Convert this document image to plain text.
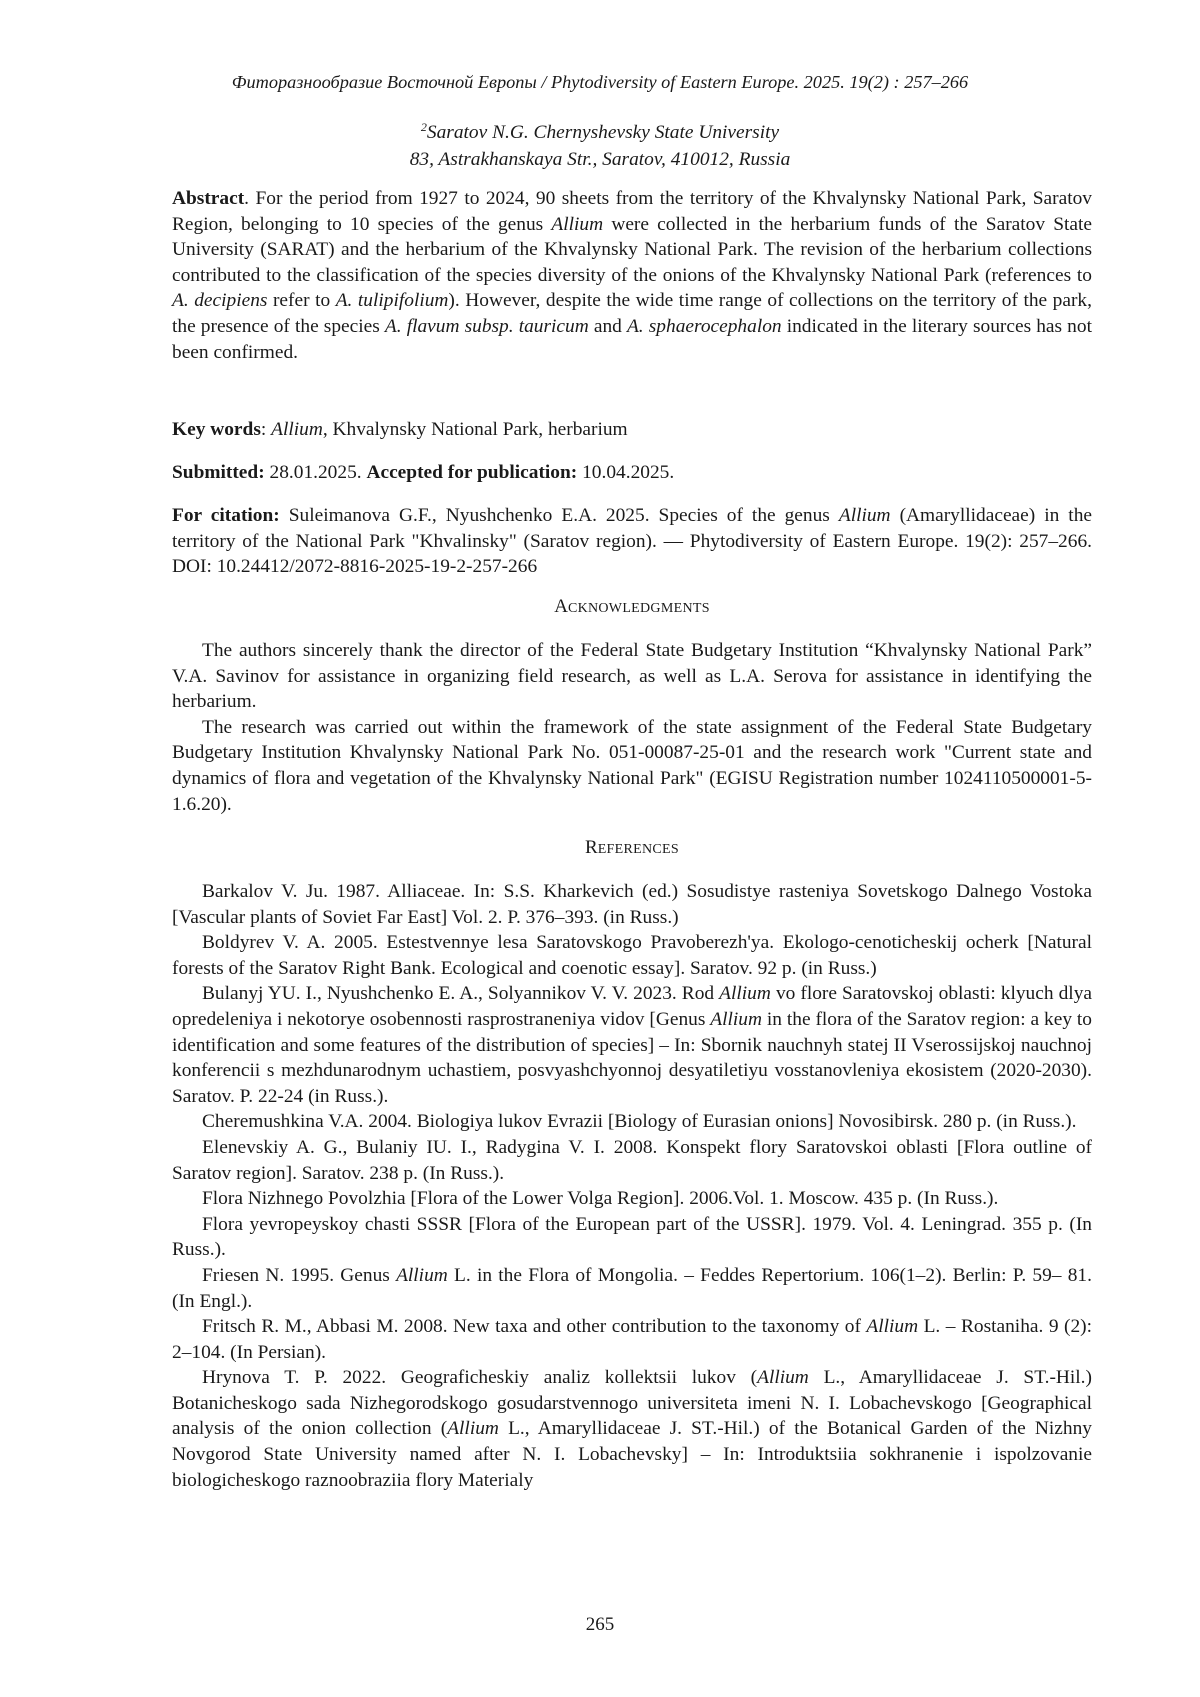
Фиторазнообразие Восточной Европы / Phytodiversity of Eastern Europe. 2025. 19(2) : 257–266
2Saratov N.G. Chernyshevsky State University
83, Astrakhanskaya Str., Saratov, 410012, Russia

Abstract. For the period from 1927 to 2024, 90 sheets from the territory of the Khvalynsky National Park, Saratov Region, belonging to 10 species of the genus Allium were collected in the herbarium funds of the Saratov State University (SARAT) and the herbarium of the Khvalynsky National Park. The revision of the herbarium collections contributed to the classification of the species diversity of the onions of the Khvalynsky National Park (references to A. decipiens refer to A. tulipifolium). However, despite the wide time range of collections on the territory of the park, the presence of the species A. flavum subsp. tauricum and A. sphaerocephalon indicated in the literary sources has not been confirmed.

Key words: Allium, Khvalynsky National Park, herbarium

Submitted: 28.01.2025. Accepted for publication: 10.04.2025.

For citation: Suleimanova G.F., Nyushchenko E.A. 2025. Species of the genus Allium (Amaryllidaceae) in the territory of the National Park "Khvalinsky" (Saratov region). — Phytodiversity of Eastern Europe. 19(2): 257–266. DOI: 10.24412/2072-8816-2025-19-2-257-266

ACKNOWLEDGMENTS

The authors sincerely thank the director of the Federal State Budgetary Institution “Khvalynsky National Park” V.A. Savinov for assistance in organizing field research, as well as L.A. Serova for assistance in identifying the herbarium.

The research was carried out within the framework of the state assignment of the Federal State Budgetary Budgetary Institution Khvalynsky National Park No. 051-00087-25-01 and the research work "Current state and dynamics of flora and vegetation of the Khvalynsky National Park" (EGISU Registration number 1024110500001-5-1.6.20).

REFERENCES

Barkalov V. Ju. 1987. Alliaceae. In: S.S. Kharkevich (ed.) Sosudistye rasteniya Sovetskogo Dalnego Vostoka [Vascular plants of Soviet Far East] Vol. 2. P. 376–393. (in Russ.)

Boldyrev V. A. 2005. Estestvennye lesa Saratovskogo Pravoberezh'ya. Ekologo-cenoticheskij ocherk [Natural forests of the Saratov Right Bank. Ecological and coenotic essay]. Saratov. 92 p. (in Russ.)

Bulanyj YU. I., Nyushchenko E. A., Solyannikov V. V. 2023. Rod Allium vo flore Saratovskoj oblasti: klyuch dlya opredeleniya i nekotorye osobennosti rasprostraneniya vidov [Genus Allium in the flora of the Saratov region: a key to identification and some features of the distribution of species] – In: Sbornik nauchnyh statej II Vserossijskoj nauchnoj konferencii s mezhdunarodnym uchastiem, posvyashchyonnoj desyatiletiyu vosstanovleniya ekosistem (2020-2030). Saratov. P. 22-24 (in Russ.).

Cheremushkina V.A. 2004. Biologiya lukov Evrazii [Biology of Eurasian onions] Novosibirsk. 280 p. (in Russ.).

Elenevskiy A. G., Bulaniy IU. I., Radygina V. I. 2008. Konspekt flory Saratovskoi oblasti [Flora outline of Saratov region]. Saratov. 238 p. (In Russ.).

Flora Nizhnego Povolzhia [Flora of the Lower Volga Region]. 2006.Vol. 1. Moscow. 435 p. (In Russ.).

Flora yevropeyskoy chasti SSSR [Flora of the European part of the USSR]. 1979. Vol. 4. Leningrad. 355 p. (In Russ.).

Friesen N. 1995. Genus Allium L. in the Flora of Mongolia. – Feddes Repertorium. 106(1–2). Berlin: P. 59– 81. (In Engl.).

Fritsch R. M., Abbasi M. 2008. New taxa and other contribution to the taxonomy of Allium L. – Rostaniha. 9 (2): 2–104. (In Persian).

Hrynova T. P. 2022. Geograficheskiy analiz kollektsii lukov (Allium L., Amaryllidaceae J. ST.-Hil.) Botanicheskogo sada Nizhegorodskogo gosudarstvennogo universiteta imeni N. I. Lobachevskogo [Geographical analysis of the onion collection (Allium L., Amaryllidaceae J. ST.-Hil.) of the Botanical Garden of the Nizhny Novgorod State University named after N. I. Lobachevsky] – In: Introduktsiia sokhranenie i ispolzovanie biologicheskogo raznoobraziia flory Materialy

265
